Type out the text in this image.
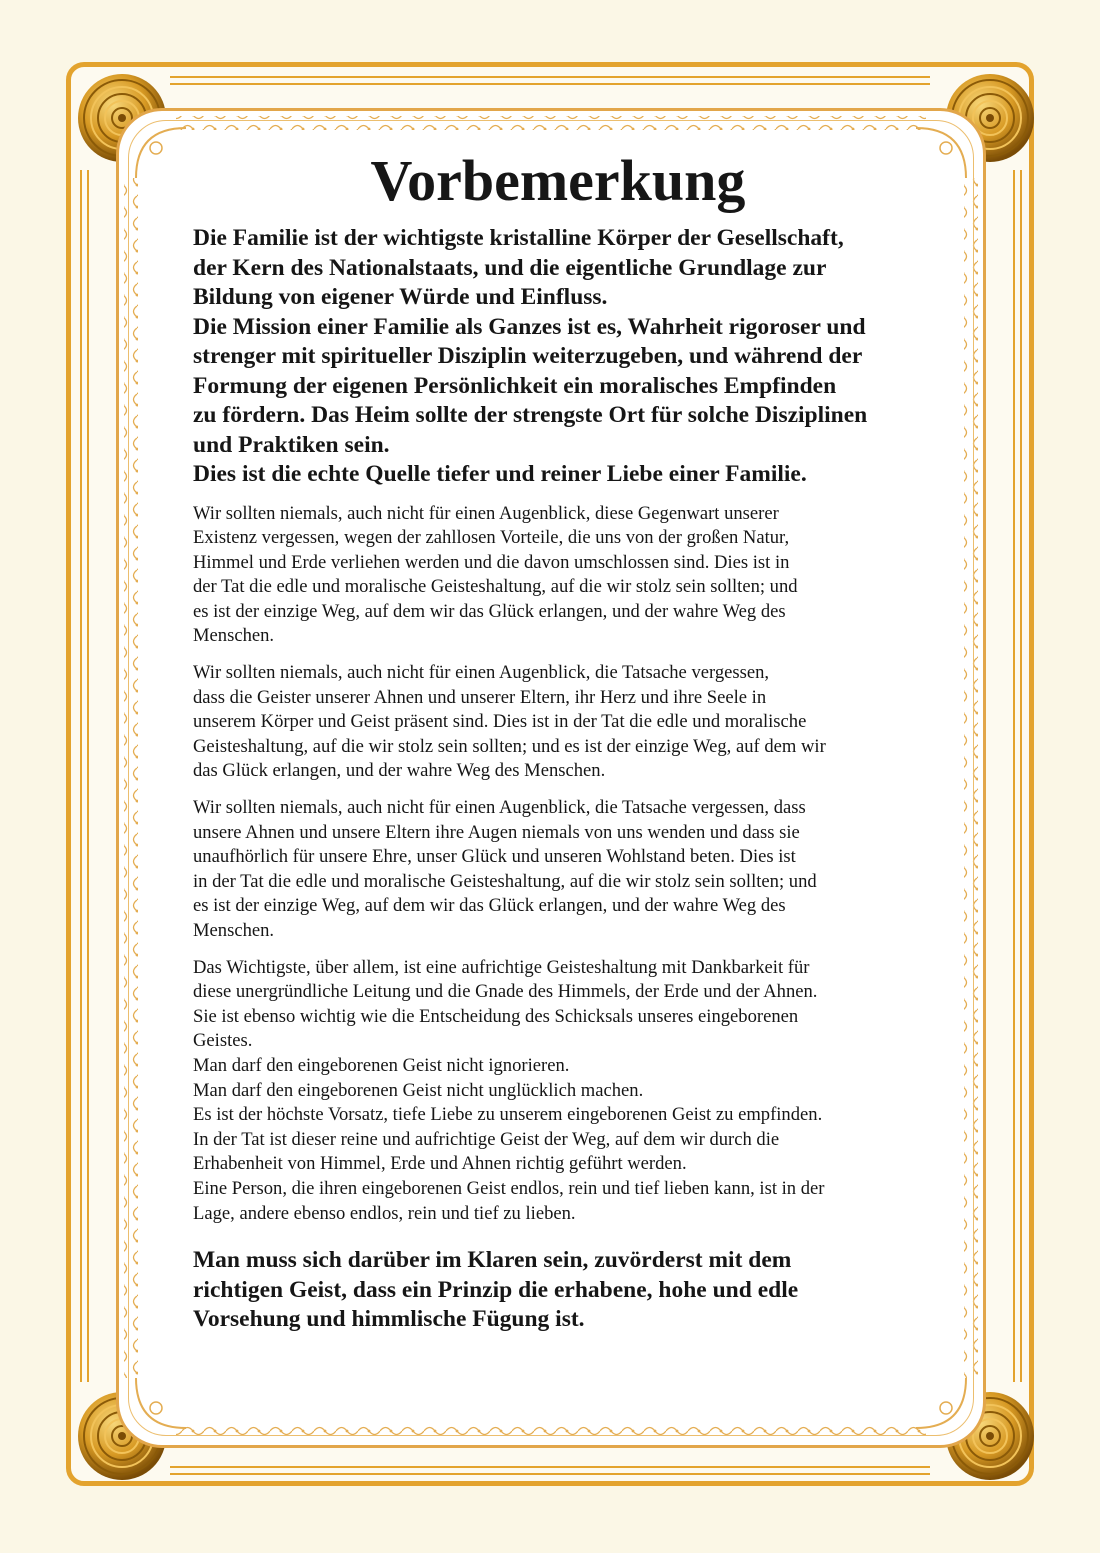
Vorbemerkung

Die Familie ist der wichtigste kristalline Körper der Gesellschaft,
der Kern des Nationalstaats, und die eigentliche Grundlage zur
Bildung von eigener Würde und Einfluss.

Die Mission einer Familie als Ganzes ist es, Wahrheit rigoroser und
strenger mit spiritueller Disziplin weiterzugeben, und während der
Formung der eigenen Persönlichkeit ein moralisches Empfinden
zu fördern. Das Heim sollte der strengste Ort für solche Disziplinen
und Praktiken sein.

Dies ist die echte Quelle tiefer und reiner Liebe einer Familie.

Wir sollten niemals, auch nicht für einen Augenblick, diese Gegenwart unserer
Existenz vergessen, wegen der zahllosen Vorteile, die uns von der großen Natur,
Himmel und Erde verliehen werden und die davon umschlossen sind. Dies ist in
der Tat die edle und moralische Geisteshaltung, auf die wir stolz sein sollten; und
es ist der einzige Weg, auf dem wir das Glück erlangen, und der wahre Weg des
Menschen.

Wir sollten niemals, auch nicht für einen Augenblick, die Tatsache vergessen,
dass die Geister unserer Ahnen und unserer Eltern, ihr Herz und ihre Seele in
unserem Körper und Geist präsent sind. Dies ist in der Tat die edle und moralische
Geisteshaltung, auf die wir stolz sein sollten; und es ist der einzige Weg, auf dem wir
das Glück erlangen, und der wahre Weg des Menschen.

Wir sollten niemals, auch nicht für einen Augenblick, die Tatsache vergessen, dass
unsere Ahnen und unsere Eltern ihre Augen niemals von uns wenden und dass sie
unaufhörlich für unsere Ehre, unser Glück und unseren Wohlstand beten. Dies ist
in der Tat die edle und moralische Geisteshaltung, auf die wir stolz sein sollten; und
es ist der einzige Weg, auf dem wir das Glück erlangen, und der wahre Weg des
Menschen.

Das Wichtigste, über allem, ist eine aufrichtige Geisteshaltung mit Dankbarkeit für
diese unergründliche Leitung und die Gnade des Himmels, der Erde und der Ahnen.
Sie ist ebenso wichtig wie die Entscheidung des Schicksals unseres eingeborenen
Geistes.
Man darf den eingeborenen Geist nicht ignorieren.
Man darf den eingeborenen Geist nicht unglücklich machen.
Es ist der höchste Vorsatz, tiefe Liebe zu unserem eingeborenen Geist zu empfinden.
In der Tat ist dieser reine und aufrichtige Geist der Weg, auf dem wir durch die
Erhabenheit von Himmel, Erde und Ahnen richtig geführt werden.
Eine Person, die ihren eingeborenen Geist endlos, rein und tief lieben kann, ist in der
Lage, andere ebenso endlos, rein und tief zu lieben.

Man muss sich darüber im Klaren sein, zuvörderst mit dem
richtigen Geist, dass ein Prinzip die erhabene, hohe und edle
Vorsehung und himmlische Fügung ist.
